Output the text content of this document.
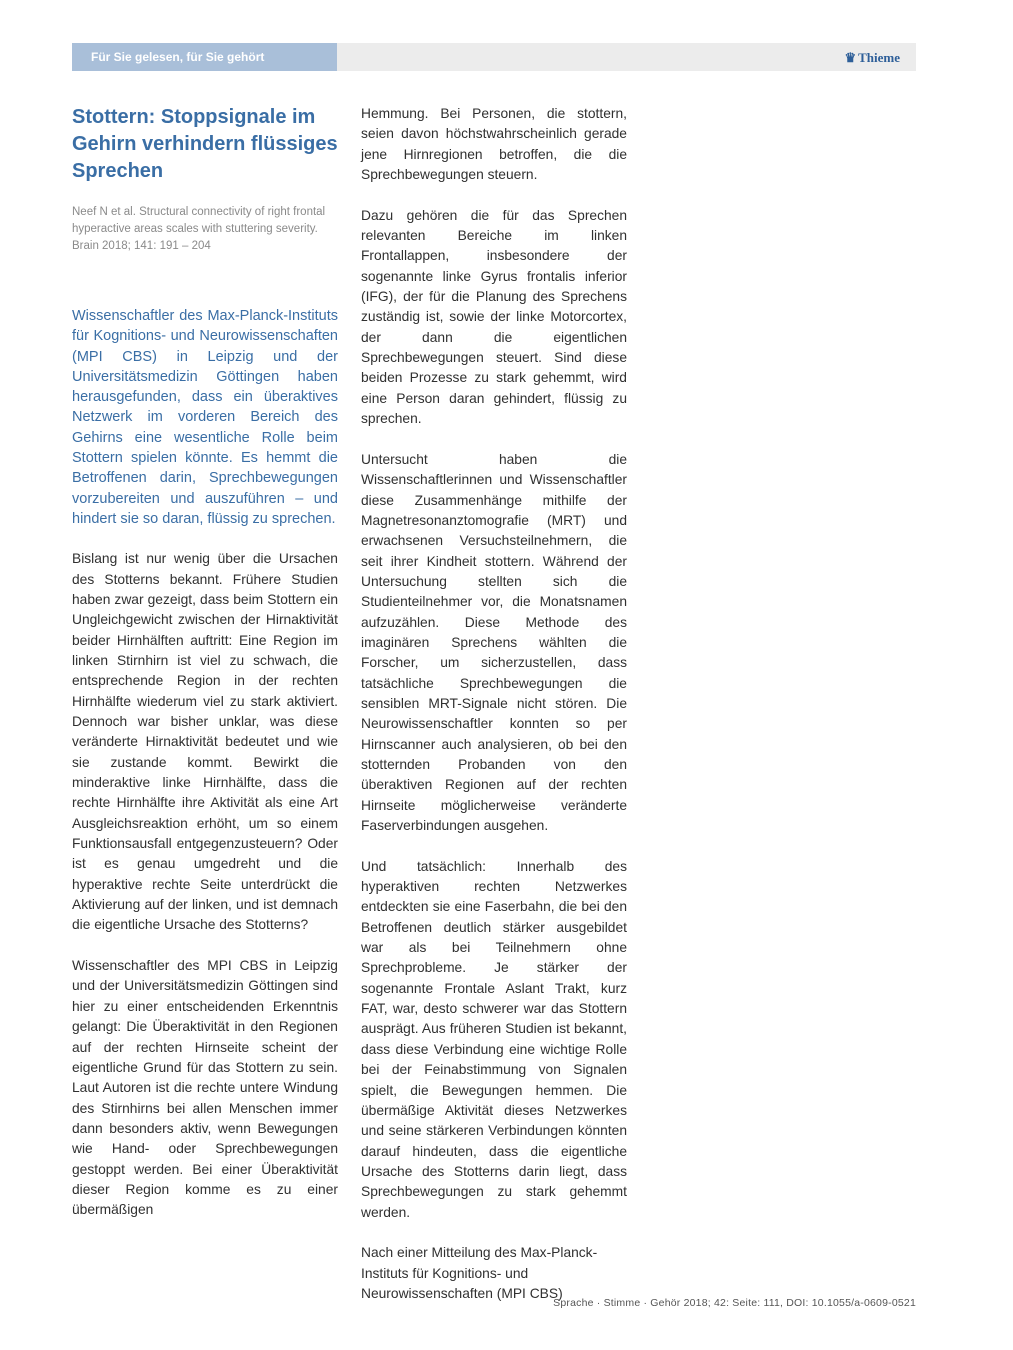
Für Sie gelesen, für Sie gehört	♛ Thieme
Stottern: Stoppsignale im Gehirn verhindern flüssiges Sprechen

Neef N et al. Structural connectivity of right frontal hyperactive areas scales with stuttering severity. Brain 2018; 141: 191 – 204

Wissenschaftler des Max-Planck-Instituts für Kognitions- und Neurowissenschaften (MPI CBS) in Leipzig und der Universitätsmedizin Göttingen haben herausgefunden, dass ein überaktives Netzwerk im vorderen Bereich des Gehirns eine wesentliche Rolle beim Stottern spielen könnte. Es hemmt die Betroffenen darin, Sprechbewegungen vorzubereiten und auszuführen – und hindert sie so daran, flüssig zu sprechen.

Bislang ist nur wenig über die Ursachen des Stotterns bekannt. Frühere Studien haben zwar gezeigt, dass beim Stottern ein Ungleichgewicht zwischen der Hirnaktivität beider Hirnhälften auftritt: Eine Region im linken Stirnhirn ist viel zu schwach, die entsprechende Region in der rechten Hirnhälfte wiederum viel zu stark aktiviert. Dennoch war bisher unklar, was diese veränderte Hirnaktivität bedeutet und wie sie zustande kommt. Bewirkt die minderaktive linke Hirnhälfte, dass die rechte Hirnhälfte ihre Aktivität als eine Art Ausgleichsreaktion erhöht, um so einem Funktionsausfall entgegenzusteuern? Oder ist es genau umgedreht und die hyperaktive rechte Seite unterdrückt die Aktivierung auf der linken, und ist demnach die eigentliche Ursache des Stotterns?

Wissenschaftler des MPI CBS in Leipzig und der Universitätsmedizin Göttingen sind hier zu einer entscheidenden Erkenntnis gelangt: Die Überaktivität in den Regionen auf der rechten Hirnseite scheint der eigentliche Grund für das Stottern zu sein. Laut Autoren ist die rechte untere Windung des Stirnhirns bei allen Menschen immer dann besonders aktiv, wenn Bewegungen wie Hand- oder Sprechbewegungen gestoppt werden. Bei einer Überaktivität dieser Region komme es zu einer übermäßigen

Hemmung. Bei Personen, die stottern, seien davon höchstwahrscheinlich gerade jene Hirnregionen betroffen, die die Sprechbewegungen steuern.

Dazu gehören die für das Sprechen relevanten Bereiche im linken Frontallappen, insbesondere der sogenannte linke Gyrus frontalis inferior (IFG), der für die Planung des Sprechens zuständig ist, sowie der linke Motorcortex, der dann die eigentlichen Sprechbewegungen steuert. Sind diese beiden Prozesse zu stark gehemmt, wird eine Person daran gehindert, flüssig zu sprechen.

Untersucht haben die Wissenschaftlerinnen und Wissenschaftler diese Zusammenhänge mithilfe der Magnetresonanztomografie (MRT) und erwachsenen Versuchsteilnehmern, die seit ihrer Kindheit stottern. Während der Untersuchung stellten sich die Studienteilnehmer vor, die Monatsnamen aufzuzählen. Diese Methode des imaginären Sprechens wählten die Forscher, um sicherzustellen, dass tatsächliche Sprechbewegungen die sensiblen MRT-Signale nicht stören. Die Neurowissenschaftler konnten so per Hirnscanner auch analysieren, ob bei den stotternden Probanden von den überaktiven Regionen auf der rechten Hirnseite möglicherweise veränderte Faserverbindungen ausgehen.

Und tatsächlich: Innerhalb des hyperaktiven rechten Netzwerkes entdeckten sie eine Faserbahn, die bei den Betroffenen deutlich stärker ausgebildet war als bei Teilnehmern ohne Sprechprobleme. Je stärker der sogenannte Frontale Aslant Trakt, kurz FAT, war, desto schwerer war das Stottern ausprägt. Aus früheren Studien ist bekannt, dass diese Verbindung eine wichtige Rolle bei der Feinabstimmung von Signalen spielt, die Bewegungen hemmen. Die übermäßige Aktivität dieses Netzwerkes und seine stärkeren Verbindungen könnten darauf hindeuten, dass die eigentliche Ursache des Stotterns darin liegt, dass Sprechbewegungen zu stark gehemmt werden.

Nach einer Mitteilung des Max-Planck-
Instituts für Kognitions- und
Neurowissenschaften (MPI CBS)

Sprache · Stimme · Gehör 2018; 42: Seite: 111, DOI: 10.1055/a-0609-0521
